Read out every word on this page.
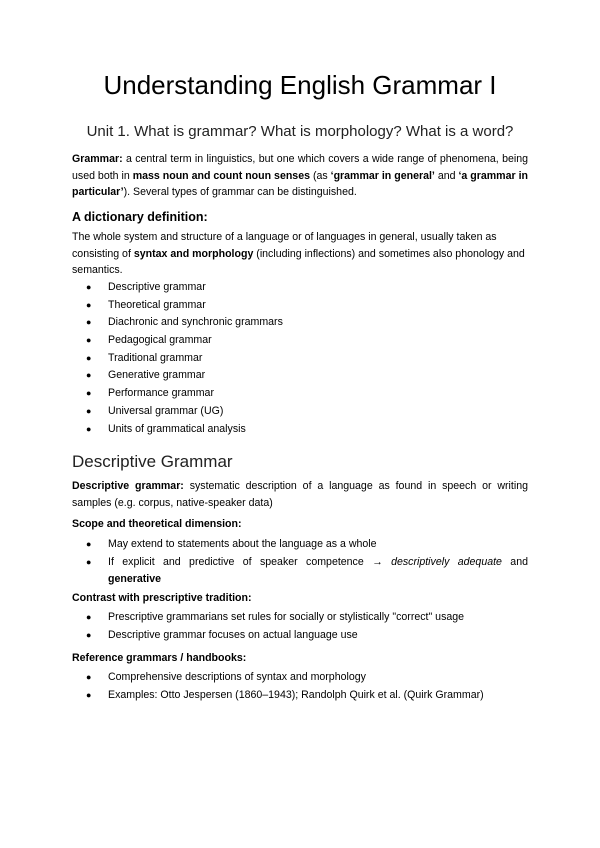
Understanding English Grammar I
Unit 1. What is grammar? What is morphology? What is a word?
Grammar: a central term in linguistics, but one which covers a wide range of phenomena, being used both in mass noun and count noun senses (as ‘grammar in general’ and ‘a grammar in particular’). Several types of grammar can be distinguished.
A dictionary definition:
The whole system and structure of a language or of languages in general, usually taken as consisting of syntax and morphology (including inflections) and sometimes also phonology and semantics.
● Descriptive grammar
● Theoretical grammar
● Diachronic and synchronic grammars
● Pedagogical grammar
● Traditional grammar
● Generative grammar
● Performance grammar
● Universal grammar (UG)
● Units of grammatical analysis
Descriptive Grammar
Descriptive grammar: systematic description of a language as found in speech or writing samples (e.g. corpus, native-speaker data)
Scope and theoretical dimension:
● May extend to statements about the language as a whole
● If explicit and predictive of speaker competence → descriptively adequate and generative
Contrast with prescriptive tradition:
● Prescriptive grammarians set rules for socially or stylistically "correct" usage
● Descriptive grammar focuses on actual language use
Reference grammars / handbooks:
● Comprehensive descriptions of syntax and morphology
● Examples: Otto Jespersen (1860–1943); Randolph Quirk et al. (Quirk Grammar)
